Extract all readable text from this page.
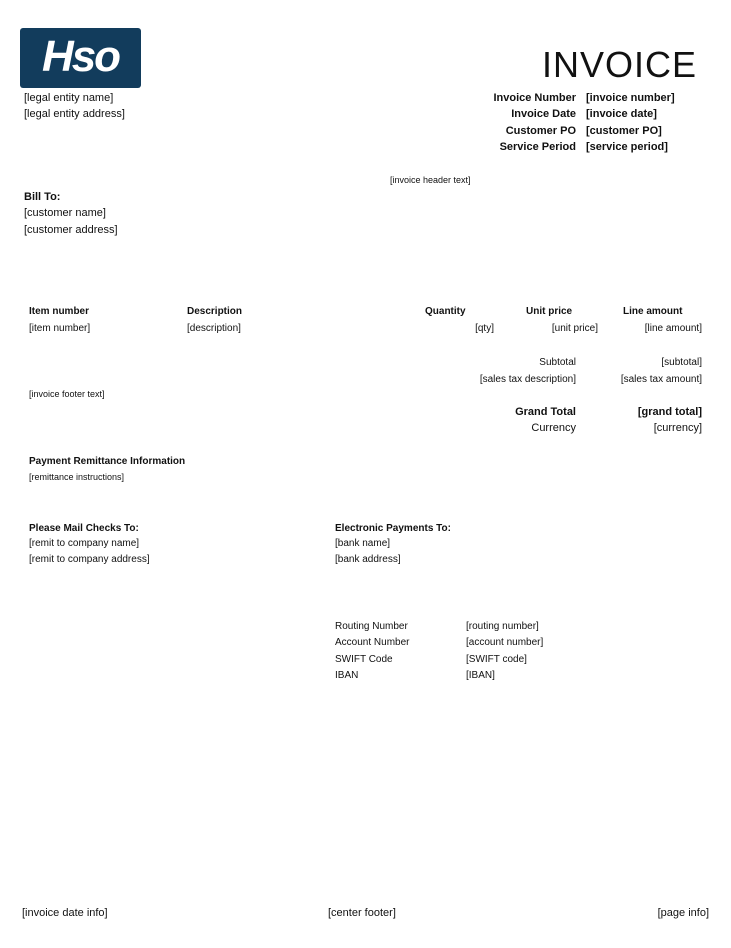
Hso	INVOICE
[legal entity name]
[legal entity address]
Invoice Number [invoice number]
Invoice Date [invoice date]
Customer PO [customer PO]
Service Period [service period]
[invoice header text]
Bill To:
[customer name]
[customer address]
Item number	Description	Quantity	Unit price	Line amount
[item number]	[description]	[qty]	[unit price]	[line amount]
Subtotal	[subtotal]
[sales tax description]	[sales tax amount]
[invoice footer text]
Grand Total	[grand total]
Currency	[currency]
Payment Remittance Information
[remittance instructions]
Please Mail Checks To:
[remit to company name]
[remit to company address]
Electronic Payments To:
[bank name]
[bank address]
Routing Number	[routing number]
Account Number	[account number]
SWIFT Code	[SWIFT code]
IBAN	[IBAN]
[invoice date info]	[center footer]	[page info]
